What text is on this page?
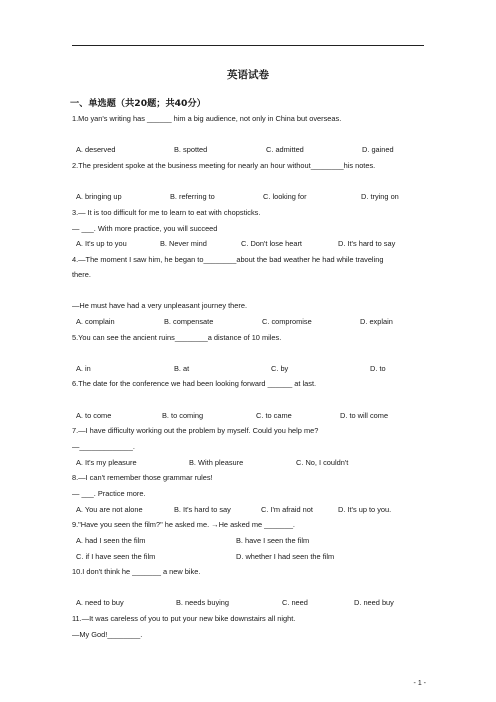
英语试卷
一、单选题（共20题；共40分）
1.Mo yan's writing has ______ him a big audience, not only in China but overseas.
A. deserved	B. spotted	C. admitted	D. gained
2.The president spoke at the business meeting for nearly an hour without________his notes.
A. bringing up	B. referring to	C. looking for	D. trying on
3.— It is too difficult for me to learn to eat with chopsticks.
— ___. With more practice, you will succeed
A. It's up to you	B. Never mind	C. Don't lose heart	D. It's hard to say
4.—The moment I saw him, he began to________about the bad weather he had while traveling
there.
—He must have had a very unpleasant journey there.
A. complain	B. compensate	C. compromise	D. explain
5.You can see the ancient ruins________a distance of 10 miles.
A. in	B. at	C. by	D. to
6.The date for the conference we had been looking forward ______ at last.
A. to come	B. to coming	C. to came	D. to will come
7.—I have difficulty working out the problem by myself. Could you help me?
—_____________.
A. It's my pleasure	B. With pleasure	C. No, I couldn't
8.—I can't remember those grammar rules!
— ___. Practice more.
A. You are not alone	B. It's hard to say	C. I'm afraid not	D. It's up to you.
9."Have you seen the film?" he asked me. →He asked me _______.
A. had I seen the film	B. have I seen the film
C. if I have seen the film	D. whether I had seen the film
10.I don't think he _______ a new bike.
A. need to buy	B. needs buying	C. need	D. need buy
11.—It was careless of you to put your new bike downstairs all night.
—My God!________.
- 1 -
